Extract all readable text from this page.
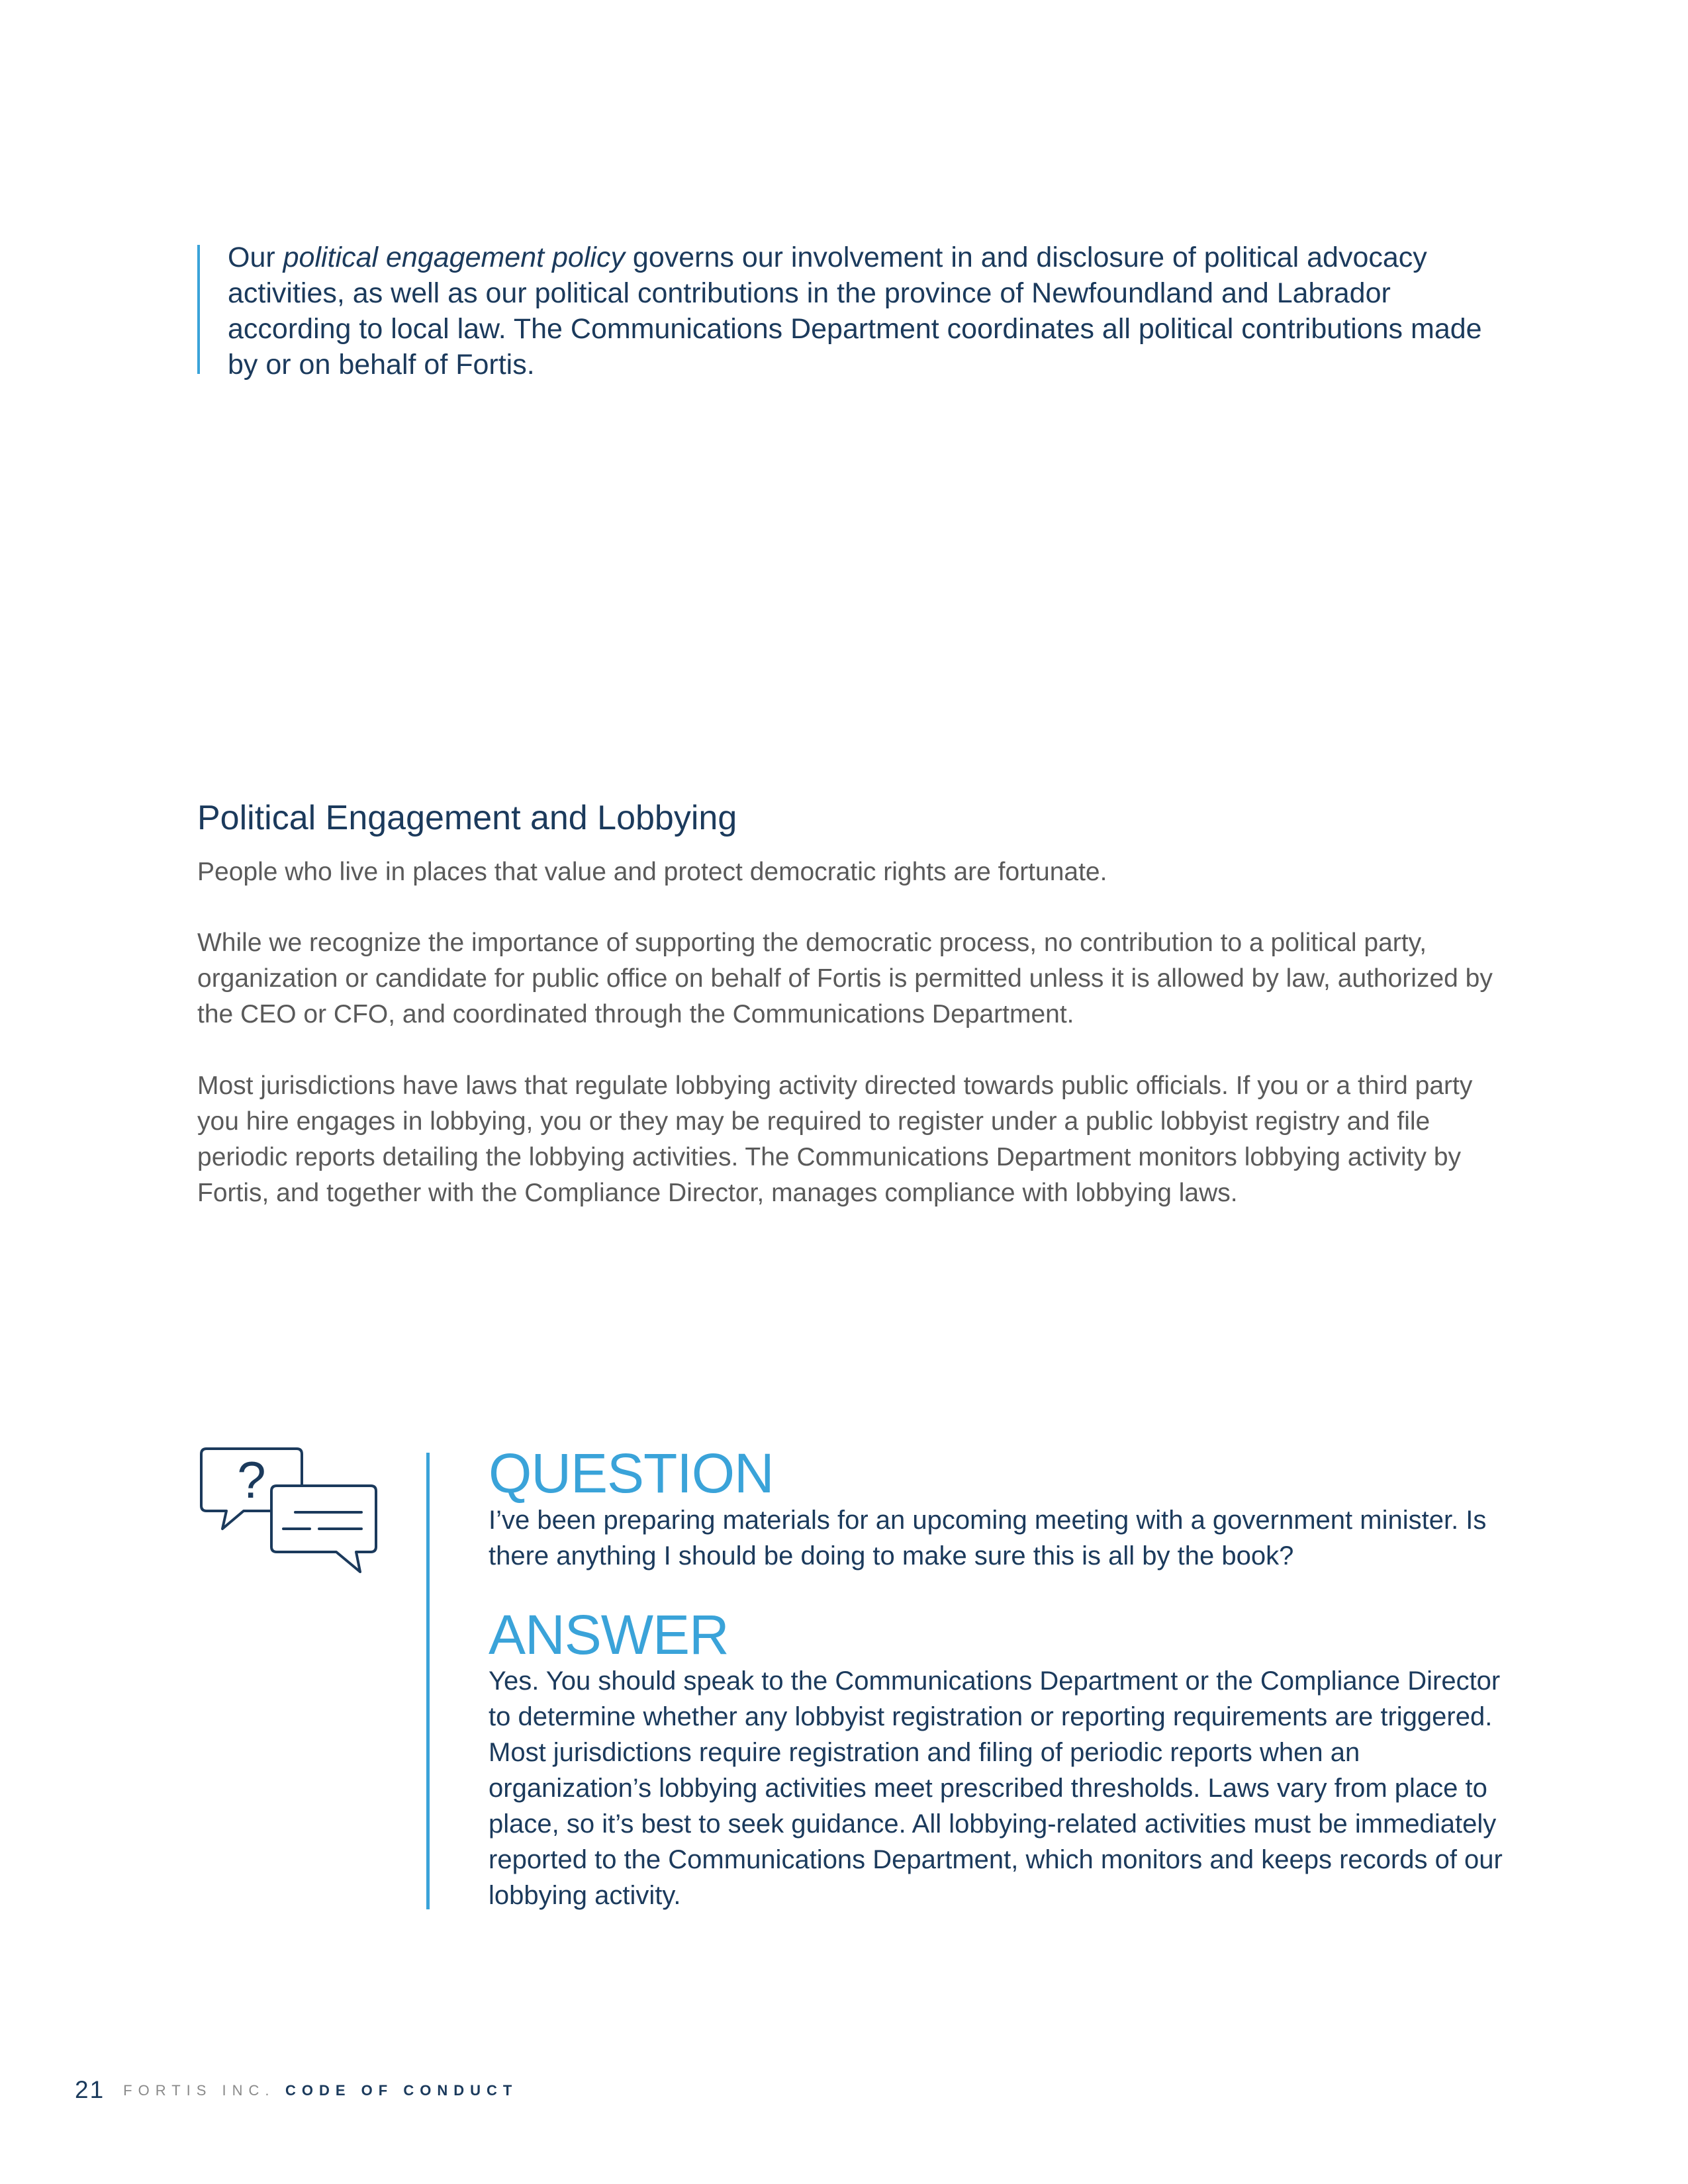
Our political engagement policy governs our involvement in and disclosure of political advocacy activities, as well as our political contributions in the province of Newfoundland and Labrador according to local law. The Communications Department coordinates all political contributions made by or on behalf of Fortis.

Political Engagement and Lobbying

People who live in places that value and protect democratic rights are fortunate.

While we recognize the importance of supporting the democratic process, no contribution to a political party, organization or candidate for public office on behalf of Fortis is permitted unless it is allowed by law, authorized by the CEO or CFO, and coordinated through the Communications Department.

Most jurisdictions have laws that regulate lobbying activity directed towards public officials. If you or a third party you hire engages in lobbying, you or they may be required to register under a public lobbyist registry and file periodic reports detailing the lobbying activities. The Communications Department monitors lobbying activity by Fortis, and together with the Compliance Director, manages compliance with lobbying laws.

?	QUESTION

I’ve been preparing materials for an upcoming meeting with a government minister. Is there anything I should be doing to make sure this is all by the book?

ANSWER

Yes. You should speak to the Communications Department or the Compliance Director to determine whether any lobbyist registration or reporting requirements are triggered. Most jurisdictions require registration and filing of periodic reports when an organization’s lobbying activities meet prescribed thresholds. Laws vary from place to place, so it’s best to seek guidance. All lobbying-related activities must be immediately reported to the Communications Department, which monitors and keeps records of our lobbying activity.

21 FORTIS INC. CODE OF CONDUCT
